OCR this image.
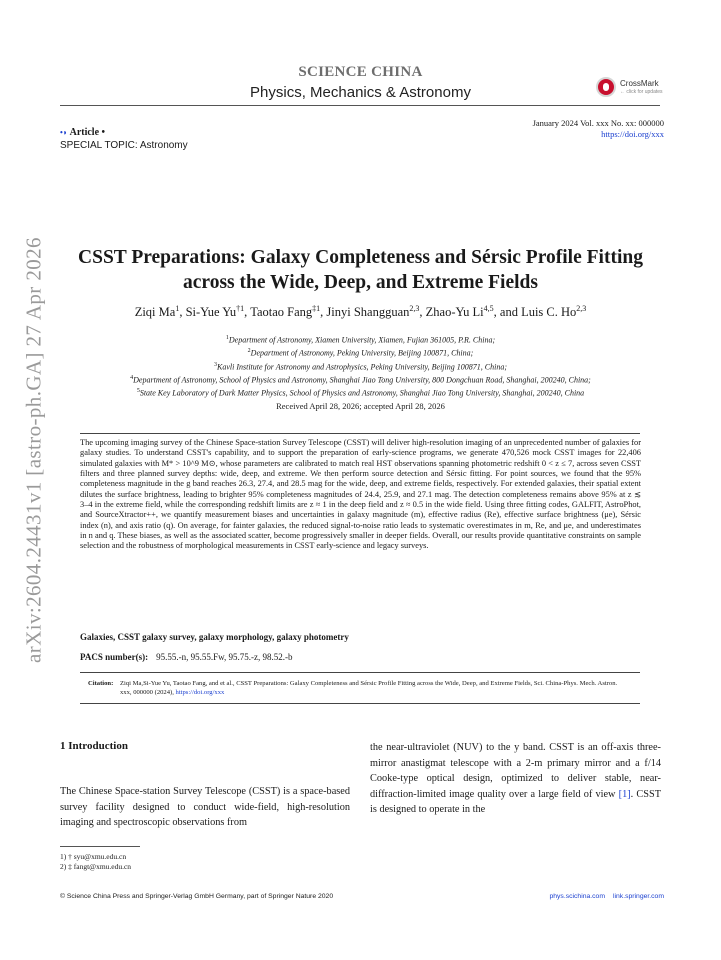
SCIENCE CHINA
Physics, Mechanics & Astronomy
CrossMark
← click for updates
January 2024 Vol. xxx No. xx: 000000
https://doi.org/xxx
•◗ Article •
SPECIAL TOPIC: Astronomy
arXiv:2604.24431v1 [astro-ph.GA] 27 Apr 2026	CSST Preparations: Galaxy Completeness and Sérsic Profile Fitting
across the Wide, Deep, and Extreme Fields
Ziqi Ma$^1$, Si-Yue Yu$^{\dagger 1}$, Taotao Fang$^{\ddagger 1}$, Jinyi Shangguan$^{2,3}$, Zhao-Yu Li$^{4,5}$, and Luis C. Ho$^{2,3}$
$^1$Department of Astronomy, Xiamen University, Xiamen, Fujian 361005, P.R. China;
$^2$Department of Astronomy, Peking University, Beijing 100871, China;
$^3$Kavli Institute for Astronomy and Astrophysics, Peking University, Beijing 100871, China;
$^4$Department of Astronomy, School of Physics and Astronomy, Shanghai Jiao Tong University, 800 Dongchuan Road, Shanghai, 200240, China;
$^5$State Key Laboratory of Dark Matter Physics, School of Physics and Astronomy, Shanghai Jiao Tong University, Shanghai, 200240, China
Received April 28, 2026; accepted April 28, 2026
The upcoming imaging survey of the Chinese Space-station Survey Telescope (CSST) will deliver high-resolution imaging of an unprecedented number of galaxies for galaxy studies. To understand CSST's capability, and to support the preparation of early-science programs, we generate 470,526 mock CSST images for 22,406 simulated galaxies with M* > 10^9 M⊙, whose parameters are calibrated to match real HST observations spanning photometric redshift 0 < z ≤ 7, across seven CSST filters and three planned survey depths: wide, deep, and extreme. We then perform source detection and Sérsic fitting. For point sources, we found that the 95% completeness magnitude in the g band reaches 26.3, 27.4, and 28.5 mag for the wide, deep, and extreme fields, respectively. For extended galaxies, their spatial extent dilutes the surface brightness, leading to brighter 95% completeness magnitudes of 24.4, 25.9, and 27.1 mag. The detection completeness remains above 95% at z ≲ 3–4 in the extreme field, while the corresponding redshift limits are z ≈ 1 in the deep field and z ≈ 0.5 in the wide field. Using three fitting codes, GALFIT, AstroPhot, and SourceXtractor++, we quantify measurement biases and uncertainties in galaxy magnitude (m), effective radius (Re), effective surface brightness (μe), Sérsic index (n), and axis ratio (q). On average, for fainter galaxies, the reduced signal-to-noise ratio leads to systematic overestimates in m, Re, and μe, and underestimates in n and q. These biases, as well as the associated scatter, become progressively smaller in deeper fields. Overall, our results provide quantitative constraints on sample selection and the robustness of morphological measurements in CSST early-science and legacy surveys.
Galaxies, CSST galaxy survey, galaxy morphology, galaxy photometry
PACS number(s): 95.55.-n, 95.55.Fw, 95.75.-z, 98.52.-b
Citation: Ziqi Ma,Si-Yue Yu, Taotao Fang, and et al., CSST Preparations: Galaxy Completeness and Sérsic Profile Fitting across the Wide, Deep, and Extreme Fields, Sci. China-Phys. Mech. Astron. xxx, 000000 (2024), https://doi.org/xxx
1 Introduction
The Chinese Space-station Survey Telescope (CSST) is a space-based survey facility designed to conduct wide-field, high-resolution imaging and spectroscopic observations from
the near-ultraviolet (NUV) to the y band. CSST is an off-axis three-mirror anastigmat telescope with a 2-m primary mirror and a f/14 Cooke-type optical design, optimized to deliver stable, near-diffraction-limited image quality over a large field of view [1]. CSST is designed to operate in the
1) † syu@xmu.edu.cn
2) ‡ fangt@xmu.edu.cn
© Science China Press and Springer-Verlag GmbH Germany, part of Springer Nature 2020	phys.scichina.com link.springer.com
